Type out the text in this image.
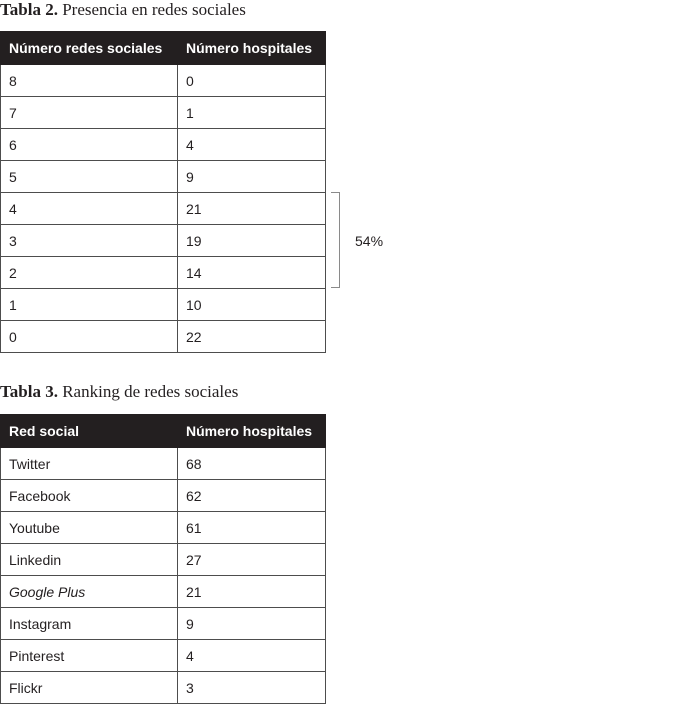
Tabla 2. Presencia en redes sociales
Número redes sociales	Número hospitales
8	0
7	1
6	4
5	9
4	21
3	19
2	14
1	10
0	22
54%
Tabla 3. Ranking de redes sociales
Red social	Número hospitales
Twitter	68
Facebook	62
Youtube	61
Linkedin	27
Google Plus	21
Instagram	9
Pinterest	4
Flickr	3
